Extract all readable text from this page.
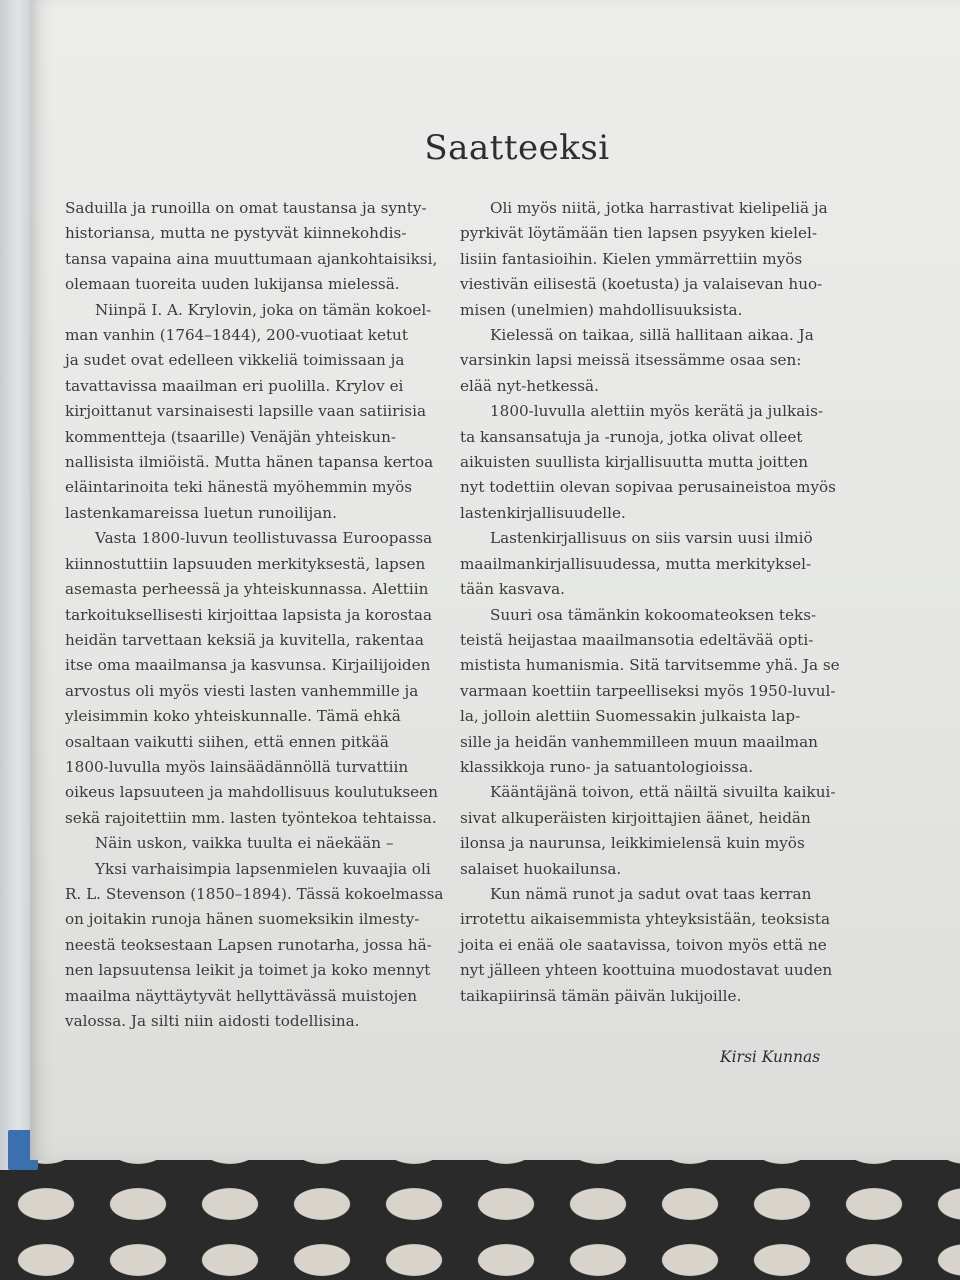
Saatteeksi

Saduilla ja runoilla on omat taustansa ja synty-
historiansa, mutta ne pystyvät kiinnekohdis-
tansa vapaina aina muuttumaan ajankohtaisiksi,
olemaan tuoreita uuden lukijansa mielessä.

Niinpä I. A. Krylovin, joka on tämän kokoel-
man vanhin (1764–1844), 200-vuotiaat ketut
ja sudet ovat edelleen vikkeliä toimissaan ja
tavattavissa maailman eri puolilla. Krylov ei
kirjoittanut varsinaisesti lapsille vaan satiirisia
kommentteja (tsaarille) Venäjän yhteiskun-
nallisista ilmiöistä. Mutta hänen tapansa kertoa
eläintarinoita teki hänestä myöhemmin myös
lastenkamareissa luetun runoilijan.

Vasta 1800-luvun teollistuvassa Euroopassa
kiinnostuttiin lapsuuden merkityksestä, lapsen
asemasta perheessä ja yhteiskunnassa. Alettiin
tarkoituksellisesti kirjoittaa lapsista ja korostaa
heidän tarvettaan keksiä ja kuvitella, rakentaa
itse oma maailmansa ja kasvunsa. Kirjailijoiden
arvostus oli myös viesti lasten vanhemmille ja
yleisimmin koko yhteiskunnalle. Tämä ehkä
osaltaan vaikutti siihen, että ennen pitkää
1800-luvulla myös lainsäädännöllä turvattiin
oikeus lapsuuteen ja mahdollisuus koulutukseen
sekä rajoitettiin mm. lasten työntekoa tehtaissa.

Näin uskon, vaikka tuulta ei näekään –

Yksi varhaisimpia lapsenmielen kuvaajia oli
R. L. Stevenson (1850–1894). Tässä kokoelmassa
on joitakin runoja hänen suomeksikin ilmesty-
neestä teoksestaan Lapsen runotarha, jossa hä-
nen lapsuutensa leikit ja toimet ja koko mennyt
maailma näyttäytyvät hellyttävässä muistojen
valossa. Ja silti niin aidosti todellisina.

Oli myös niitä, jotka harrastivat kielipeliä ja
pyrkivät löytämään tien lapsen psyyken kielel-
lisiin fantasioihin. Kielen ymmärrettiin myös
viestivän eilisestä (koetusta) ja valaisevan huo-
misen (unelmien) mahdollisuuksista.

Kielessä on taikaa, sillä hallitaan aikaa. Ja
varsinkin lapsi meissä itsessämme osaa sen:
elää nyt-hetkessä.

1800-luvulla alettiin myös kerätä ja julkais-
ta kansansatuja ja -runoja, jotka olivat olleet
aikuisten suullista kirjallisuutta mutta joitten
nyt todettiin olevan sopivaa perusaineistoa myös
lastenkirjallisuudelle.

Lastenkirjallisuus on siis varsin uusi ilmiö
maailmankirjallisuudessa, mutta merkityksel-
tään kasvava.

Suuri osa tämänkin kokoomateoksen teks-
teistä heijastaa maailmansotia edeltävää opti-
mistista humanismia. Sitä tarvitsemme yhä. Ja se
varmaan koettiin tarpeelliseksi myös 1950-luvul-
la, jolloin alettiin Suomessakin julkaista lap-
sille ja heidän vanhemmilleen muun maailman
klassikkoja runo- ja satuantologioissa.

Kääntäjänä toivon, että näiltä sivuilta kaikui-
sivat alkuperäisten kirjoittajien äänet, heidän
ilonsa ja naurunsa, leikkimielensä kuin myös
salaiset huokailunsa.

Kun nämä runot ja sadut ovat taas kerran
irrotettu aikaisemmista yhteyksistään, teoksista
joita ei enää ole saatavissa, toivon myös että ne
nyt jälleen yhteen koottuina muodostavat uuden
taikapiirinsä tämän päivän lukijoille.

Kirsi Kunnas
